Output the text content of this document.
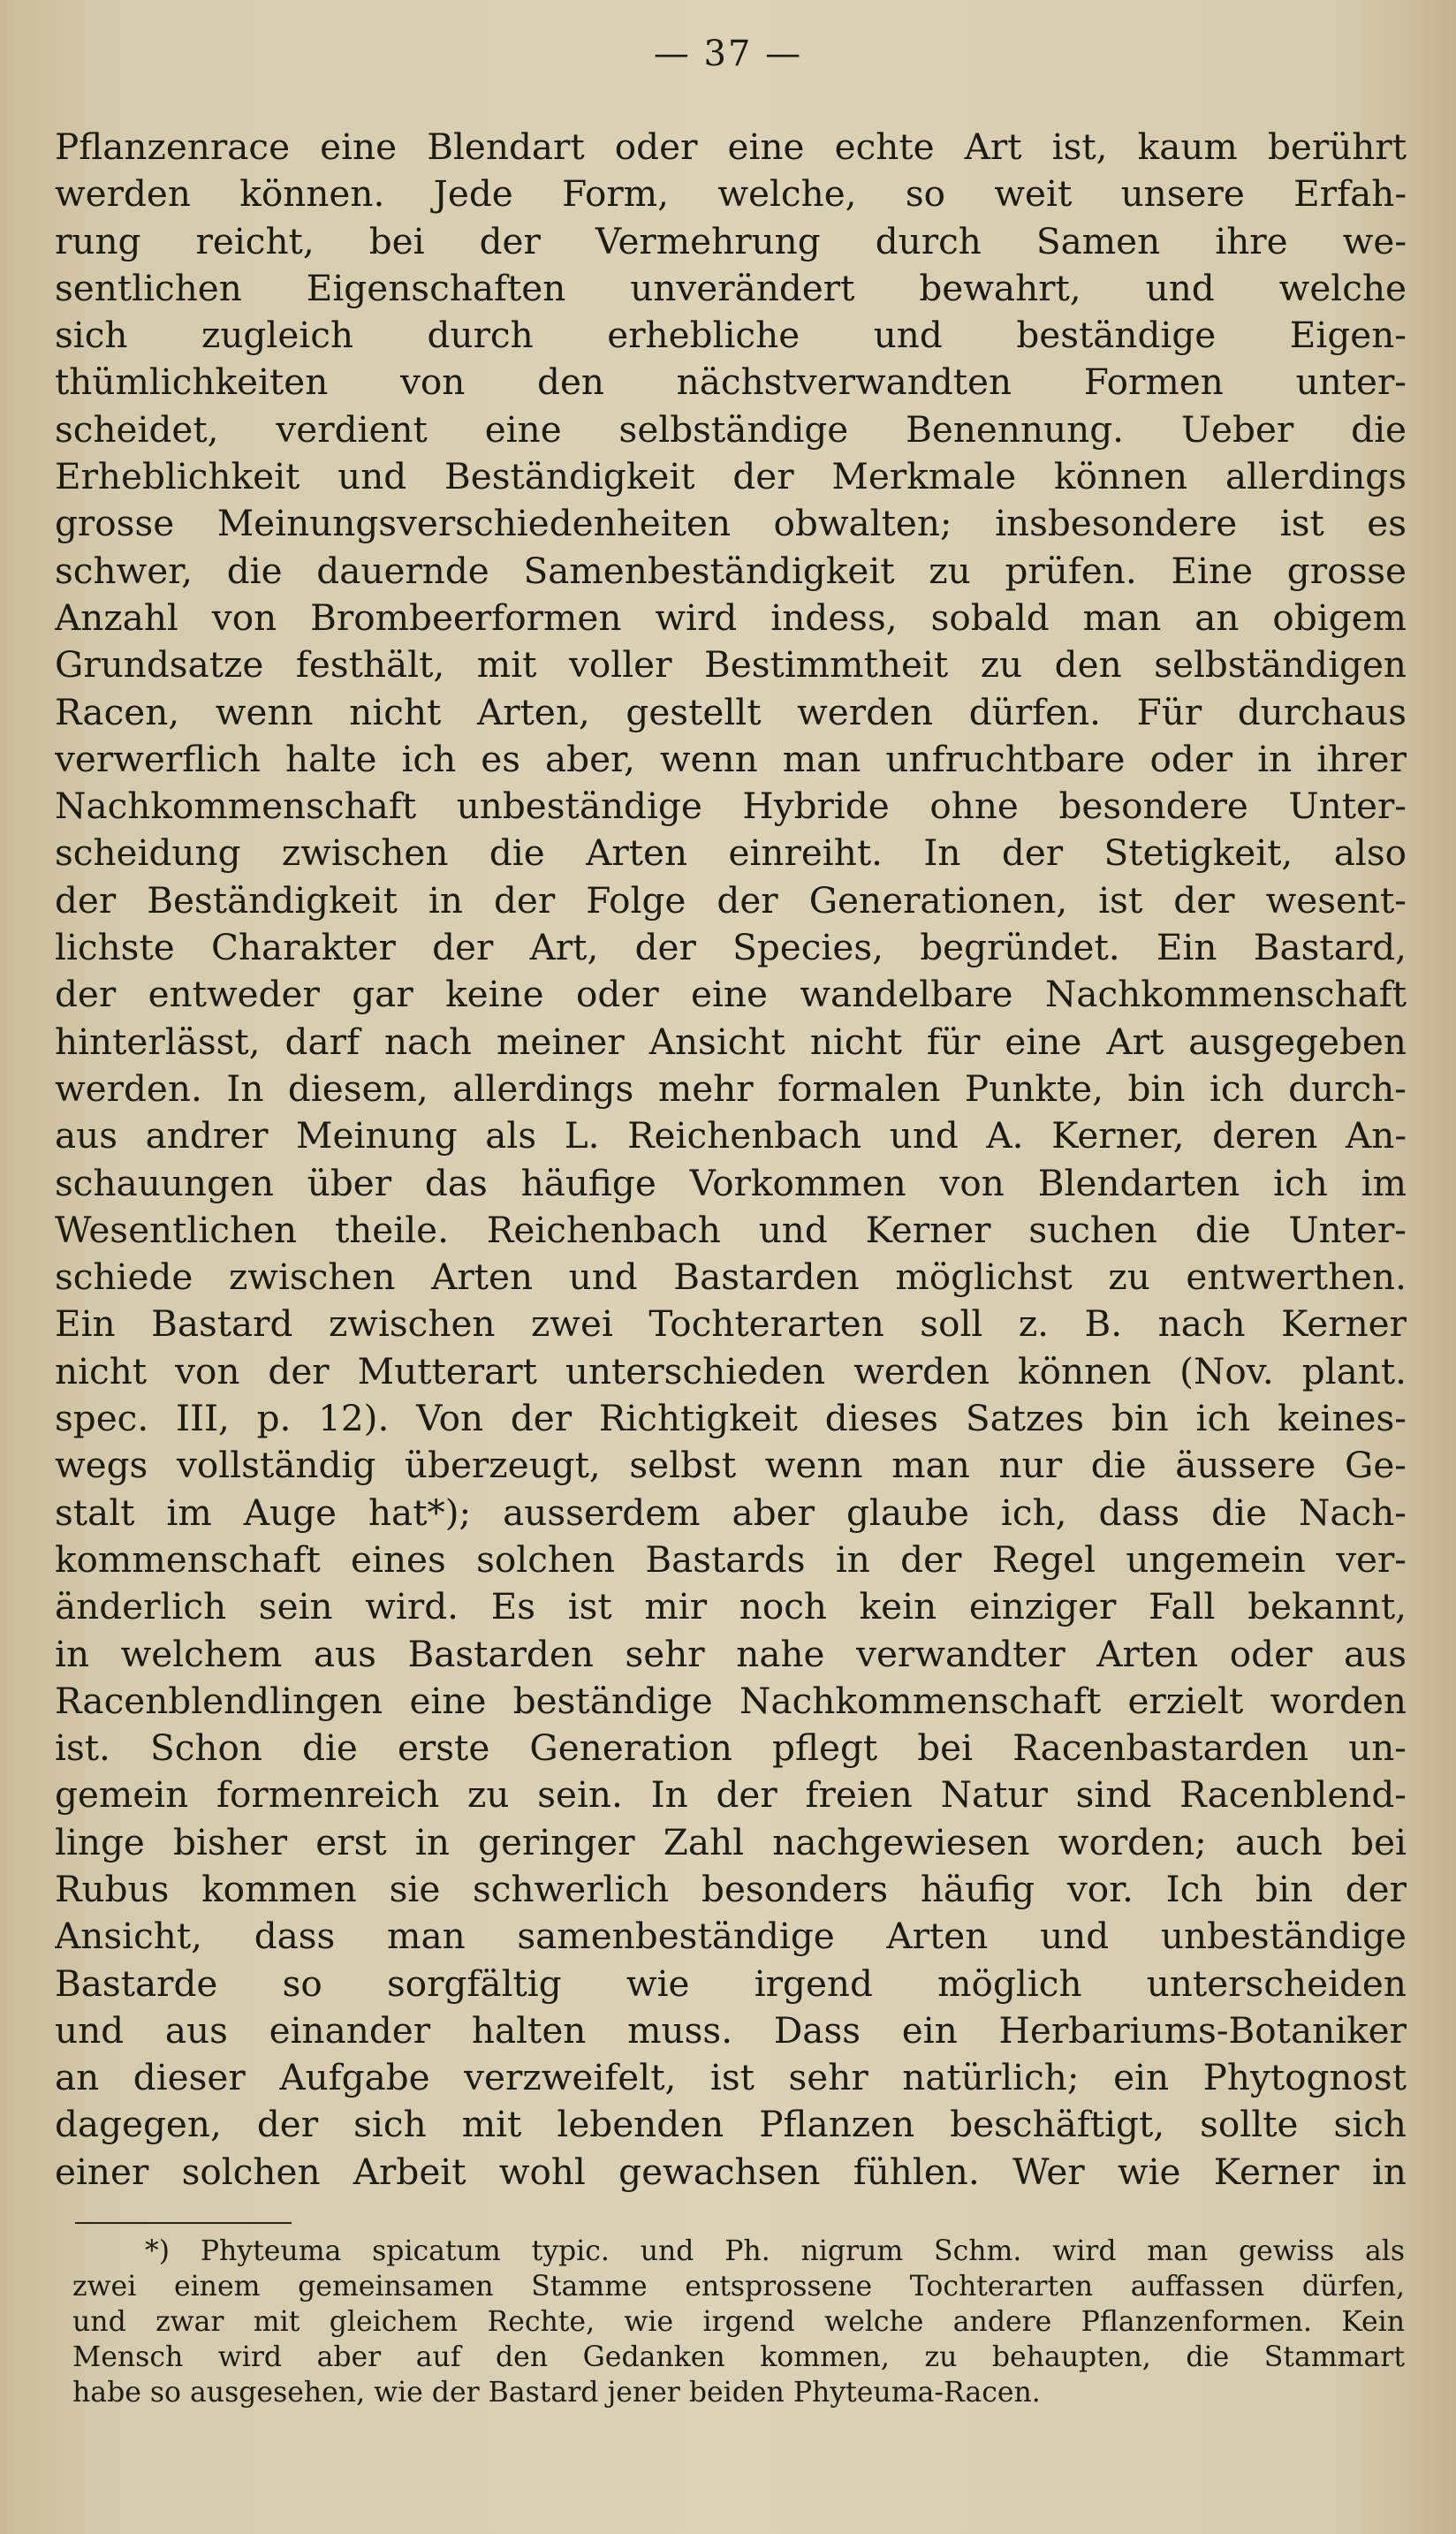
— 37 —
Pflanzenrace eine Blendart oder eine echte Art ist, kaum berührt
werden können. Jede Form, welche, so weit unsere Erfah-
rung reicht, bei der Vermehrung durch Samen ihre we-
sentlichen Eigenschaften unverändert bewahrt, und welche
sich zugleich durch erhebliche und beständige Eigen-
thümlichkeiten von den nächstverwandten Formen unter-
scheidet, verdient eine selbständige Benennung. Ueber die
Erheblichkeit und Beständigkeit der Merkmale können allerdings
grosse Meinungsverschiedenheiten obwalten; insbesondere ist es
schwer, die dauernde Samenbeständigkeit zu prüfen. Eine grosse
Anzahl von Brombeerformen wird indess, sobald man an obigem
Grundsatze festhält, mit voller Bestimmtheit zu den selbständigen
Racen, wenn nicht Arten, gestellt werden dürfen. Für durchaus
verwerflich halte ich es aber, wenn man unfruchtbare oder in ihrer
Nachkommenschaft unbeständige Hybride ohne besondere Unter-
scheidung zwischen die Arten einreiht. In der Stetigkeit, also
der Beständigkeit in der Folge der Generationen, ist der wesent-
lichste Charakter der Art, der Species, begründet. Ein Bastard,
der entweder gar keine oder eine wandelbare Nachkommenschaft
hinterlässt, darf nach meiner Ansicht nicht für eine Art ausgegeben
werden. In diesem, allerdings mehr formalen Punkte, bin ich durch-
aus andrer Meinung als L. Reichenbach und A. Kerner, deren An-
schauungen über das häufige Vorkommen von Blendarten ich im
Wesentlichen theile. Reichenbach und Kerner suchen die Unter-
schiede zwischen Arten und Bastarden möglichst zu entwerthen.
Ein Bastard zwischen zwei Tochterarten soll z. B. nach Kerner
nicht von der Mutterart unterschieden werden können (Nov. plant.
spec. III, p. 12). Von der Richtigkeit dieses Satzes bin ich keines-
wegs vollständig überzeugt, selbst wenn man nur die äussere Ge-
stalt im Auge hat*); ausserdem aber glaube ich, dass die Nach-
kommenschaft eines solchen Bastards in der Regel ungemein ver-
änderlich sein wird. Es ist mir noch kein einziger Fall bekannt,
in welchem aus Bastarden sehr nahe verwandter Arten oder aus
Racenblendlingen eine beständige Nachkommenschaft erzielt worden
ist. Schon die erste Generation pflegt bei Racenbastarden un-
gemein formenreich zu sein. In der freien Natur sind Racenblend-
linge bisher erst in geringer Zahl nachgewiesen worden; auch bei
Rubus kommen sie schwerlich besonders häufig vor. Ich bin der
Ansicht, dass man samenbeständige Arten und unbeständige
Bastarde so sorgfältig wie irgend möglich unterscheiden
und aus einander halten muss. Dass ein Herbariums-Botaniker
an dieser Aufgabe verzweifelt, ist sehr natürlich; ein Phytognost
dagegen, der sich mit lebenden Pflanzen beschäftigt, sollte sich
einer solchen Arbeit wohl gewachsen fühlen. Wer wie Kerner in
*) Phyteuma spicatum typic. und Ph. nigrum Schm. wird man gewiss als
zwei einem gemeinsamen Stamme entsprossene Tochterarten auffassen dürfen,
und zwar mit gleichem Rechte, wie irgend welche andere Pflanzenformen. Kein
Mensch wird aber auf den Gedanken kommen, zu behaupten, die Stammart
habe so ausgesehen, wie der Bastard jener beiden Phyteuma-Racen.
